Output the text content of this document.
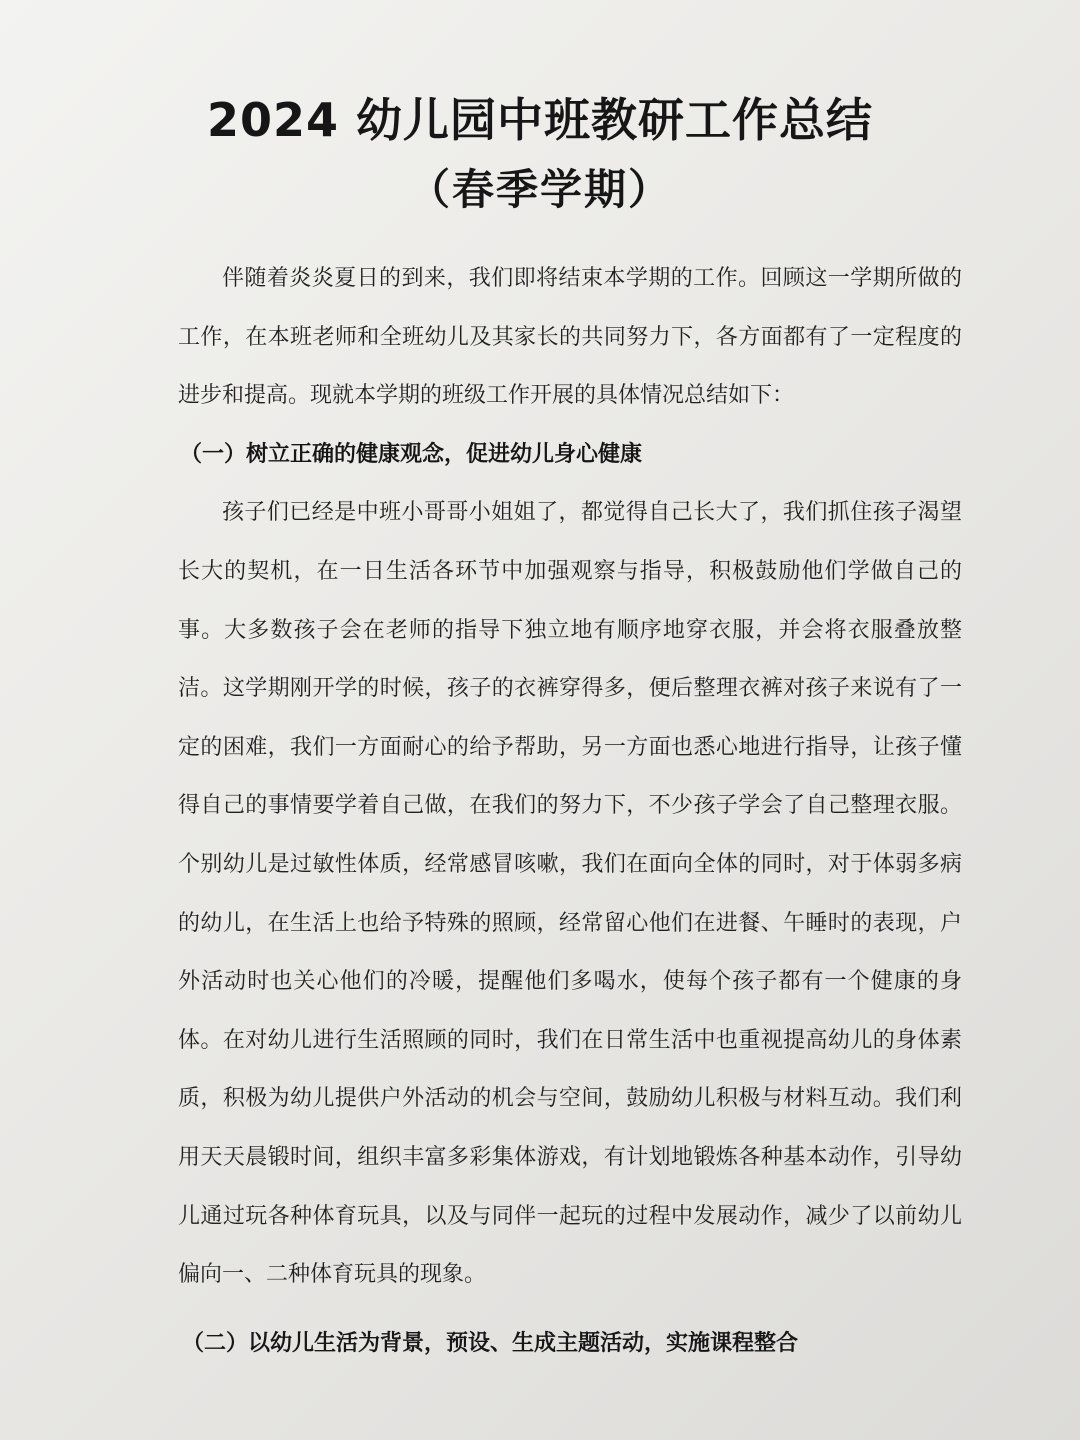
2024 幼儿园中班教研工作总结
（春季学期）

伴随着炎炎夏日的到来，我们即将结束本学期的工作。回顾这一学期所做的工作，在本班老师和全班幼儿及其家长的共同努力下，各方面都有了一定程度的进步和提高。现就本学期的班级工作开展的具体情况总结如下：

（一）树立正确的健康观念，促进幼儿身心健康

孩子们已经是中班小哥哥小姐姐了，都觉得自己长大了，我们抓住孩子渴望长大的契机，在一日生活各环节中加强观察与指导，积极鼓励他们学做自己的事。大多数孩子会在老师的指导下独立地有顺序地穿衣服，并会将衣服叠放整洁。这学期刚开学的时候，孩子的衣裤穿得多，便后整理衣裤对孩子来说有了一定的困难，我们一方面耐心的给予帮助，另一方面也悉心地进行指导，让孩子懂得自己的事情要学着自己做，在我们的努力下，不少孩子学会了自己整理衣服。个别幼儿是过敏性体质，经常感冒咳嗽，我们在面向全体的同时，对于体弱多病的幼儿，在生活上也给予特殊的照顾，经常留心他们在进餐、午睡时的表现，户外活动时也关心他们的冷暖，提醒他们多喝水，使每个孩子都有一个健康的身体。在对幼儿进行生活照顾的同时，我们在日常生活中也重视提高幼儿的身体素质，积极为幼儿提供户外活动的机会与空间，鼓励幼儿积极与材料互动。我们利用天天晨锻时间，组织丰富多彩集体游戏，有计划地锻炼各种基本动作，引导幼儿通过玩各种体育玩具，以及与同伴一起玩的过程中发展动作，减少了以前幼儿偏向一、二种体育玩具的现象。

（二）以幼儿生活为背景，预设、生成主题活动，实施课程整合
